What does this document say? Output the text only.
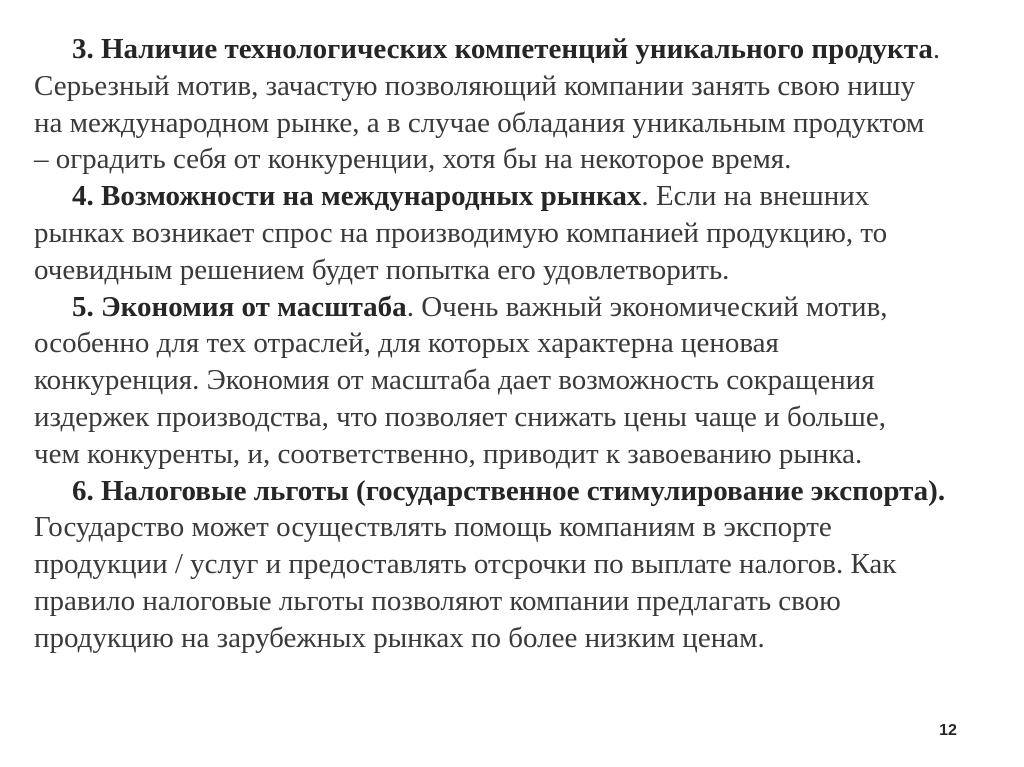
3. Наличие технологических компетенций уникального продукта.
Серьезный мотив, зачастую позволяющий компании занять свою нишу
на международном рынке, а в случае обладания уникальным продуктом
– оградить себя от конкуренции, хотя бы на некоторое время.

4. Возможности на международных рынках. Если на внешних
рынках возникает спрос на производимую компанией продукцию, то
очевидным решением будет попытка его удовлетворить.

5. Экономия от масштаба. Очень важный экономический мотив,
особенно для тех отраслей, для которых характерна ценовая
конкуренция. Экономия от масштаба дает возможность сокращения
издержек производства, что позволяет снижать цены чаще и больше,
чем конкуренты, и, соответственно, приводит к завоеванию рынка.

6. Налоговые льготы (государственное стимулирование экспорта).
Государство может осуществлять помощь компаниям в экспорте
продукции / услуг и предоставлять отсрочки по выплате налогов. Как
правило налоговые льготы позволяют компании предлагать свою
продукцию на зарубежных рынках по более низким ценам.

12
